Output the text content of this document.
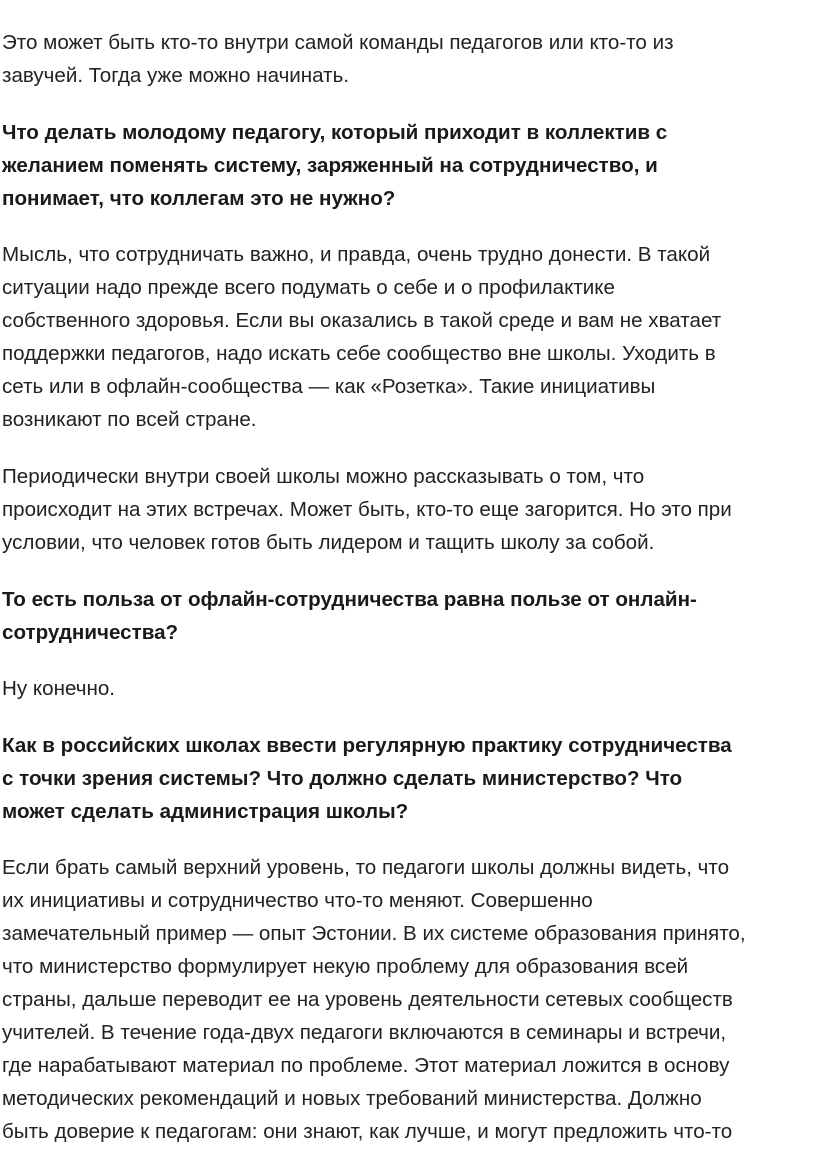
Это может быть кто-то внутри самой команды педагогов или кто-то из
завучей. Тогда уже можно начинать.

Что делать молодому педагогу, который приходит в коллектив с
желанием поменять систему, заряженный на сотрудничество, и
понимает, что коллегам это не нужно?

Мысль, что сотрудничать важно, и правда, очень трудно донести. В такой
ситуации надо прежде всего подумать о себе и о профилактике
собственного здоровья. Если вы оказались в такой среде и вам не хватает
поддержки педагогов, надо искать себе сообщество вне школы. Уходить в
сеть или в офлайн-сообщества — как «Розетка». Такие инициативы
возникают по всей стране.

Периодически внутри своей школы можно рассказывать о том, что
происходит на этих встречах. Может быть, кто-то еще загорится. Но это при
условии, что человек готов быть лидером и тащить школу за собой.

То есть польза от офлайн-сотрудничества равна пользе от онлайн-
сотрудничества?

Ну конечно.

Как в российских школах ввести регулярную практику сотрудничества
с точки зрения системы? Что должно сделать министерство? Что
может сделать администрация школы?

Если брать самый верхний уровень, то педагоги школы должны видеть, что
их инициативы и сотрудничество что-то меняют. Совершенно
замечательный пример — опыт Эстонии. В их системе образования принято,
что министерство формулирует некую проблему для образования всей
страны, дальше переводит ее на уровень деятельности сетевых сообществ
учителей. В течение года-двух педагоги включаются в семинары и встречи,
где нарабатывают материал по проблеме. Этот материал ложится в основу
методических рекомендаций и новых требований министерства. Должно
быть доверие к педагогам: они знают, как лучше, и могут предложить что-то
